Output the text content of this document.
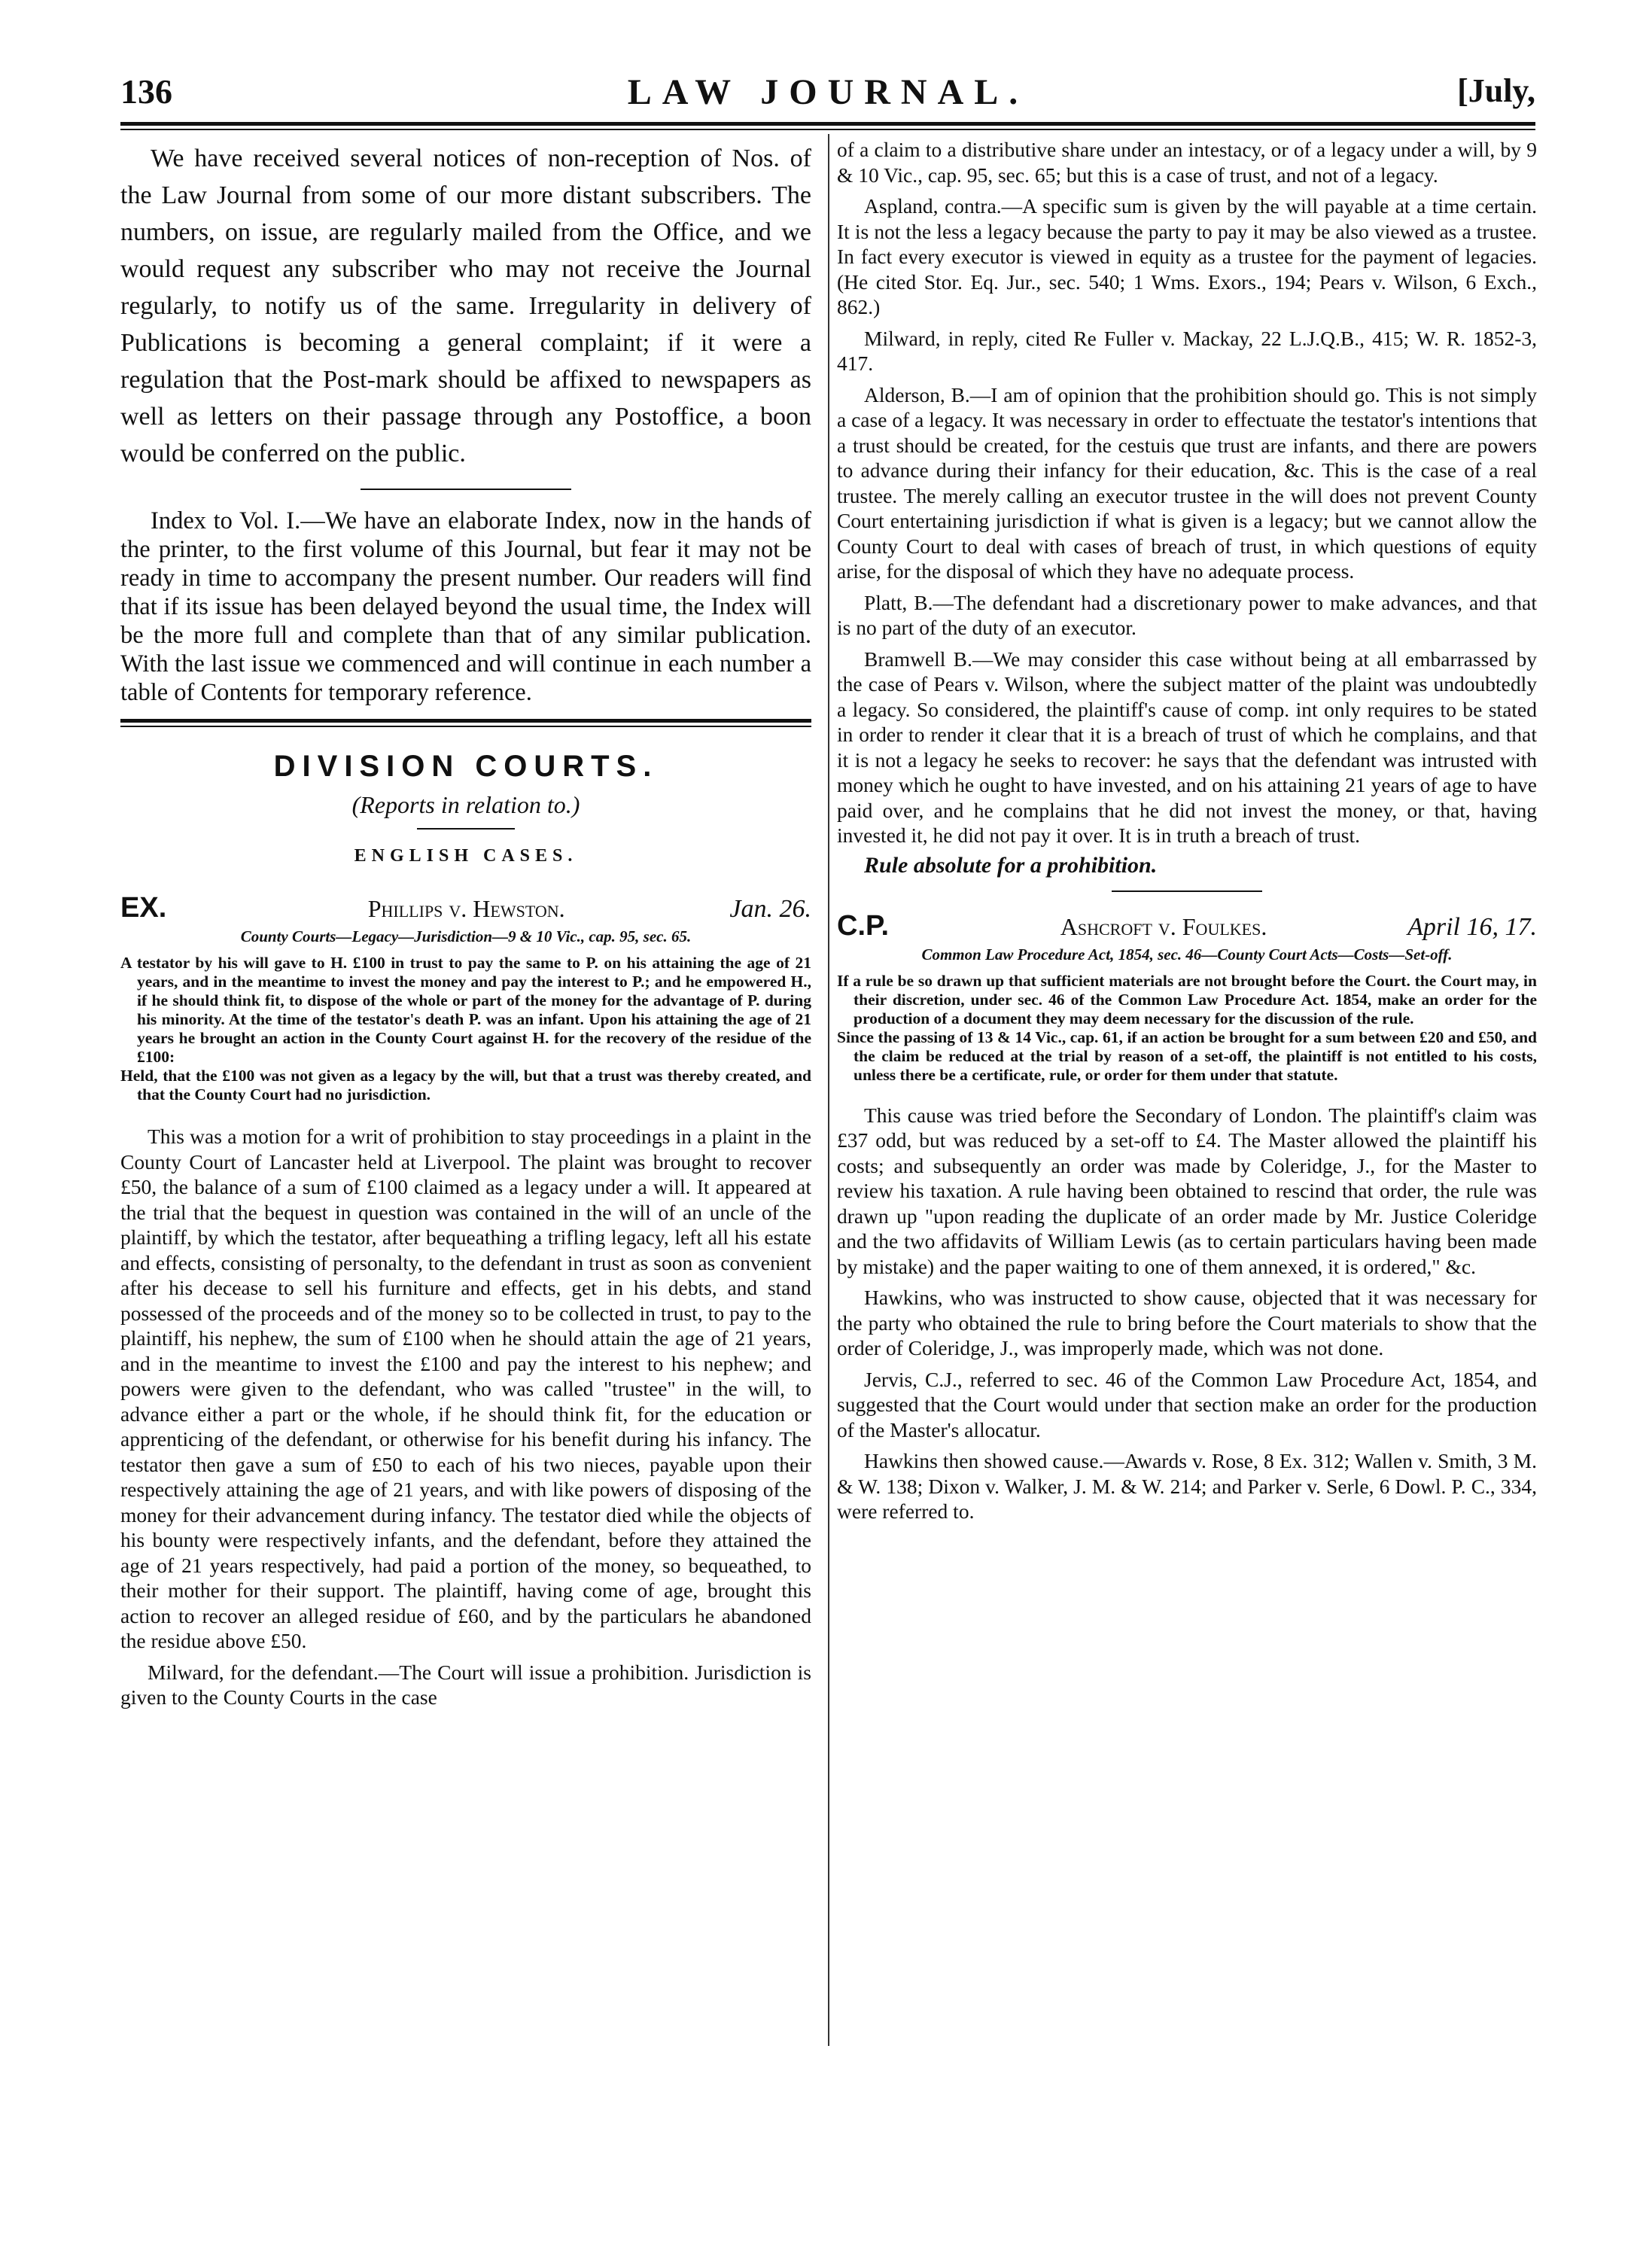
136	LAW JOURNAL.	[July,

We have received several notices of non-reception of Nos. of the Law Journal from some of our more distant subscribers. The numbers, on issue, are regularly mailed from the Office, and we would request any subscriber who may not receive the Journal regularly, to notify us of the same. Irregularity in delivery of Publications is becoming a general complaint; if it were a regulation that the Post-mark should be affixed to newspapers as well as letters on their passage through any Postoffice, a boon would be conferred on the public.

Index to Vol. I.—We have an elaborate Index, now in the hands of the printer, to the first volume of this Journal, but fear it may not be ready in time to accompany the present number. Our readers will find that if its issue has been delayed beyond the usual time, the Index will be the more full and complete than that of any similar publication. With the last issue we commenced and will continue in each number a table of Contents for temporary reference.

DIVISION COURTS.
(Reports in relation to.)
ENGLISH CASES.
EX.	Phillips v. Hewston.	Jan. 26.
County Courts—Legacy—Jurisdiction—9 & 10 Vic., cap. 95, sec. 65.

A testator by his will gave to H. £100 in trust to pay the same to P. on his attaining the age of 21 years, and in the meantime to invest the money and pay the interest to P.; and he empowered H., if he should think fit, to dispose of the whole or part of the money for the advantage of P. during his minority. At the time of the testator's death P. was an infant. Upon his attaining the age of 21 years he brought an action in the County Court against H. for the recovery of the residue of the £100:

Held, that the £100 was not given as a legacy by the will, but that a trust was thereby created, and that the County Court had no jurisdiction.

This was a motion for a writ of prohibition to stay proceedings in a plaint in the County Court of Lancaster held at Liverpool. The plaint was brought to recover £50, the balance of a sum of £100 claimed as a legacy under a will. It appeared at the trial that the bequest in question was contained in the will of an uncle of the plaintiff, by which the testator, after bequeathing a trifling legacy, left all his estate and effects, consisting of personalty, to the defendant in trust as soon as convenient after his decease to sell his furniture and effects, get in his debts, and stand possessed of the proceeds and of the money so to be collected in trust, to pay to the plaintiff, his nephew, the sum of £100 when he should attain the age of 21 years, and in the meantime to invest the £100 and pay the interest to his nephew; and powers were given to the defendant, who was called "trustee" in the will, to advance either a part or the whole, if he should think fit, for the education or apprenticing of the defendant, or otherwise for his benefit during his infancy. The testator then gave a sum of £50 to each of his two nieces, payable upon their respectively attaining the age of 21 years, and with like powers of disposing of the money for their advancement during infancy. The testator died while the objects of his bounty were respectively infants, and the defendant, before they attained the age of 21 years respectively, had paid a portion of the money, so bequeathed, to their mother for their support. The plaintiff, having come of age, brought this action to recover an alleged residue of £60, and by the particulars he abandoned the residue above £50.

Milward, for the defendant.—The Court will issue a prohibition. Jurisdiction is given to the County Courts in the case

of a claim to a distributive share under an intestacy, or of a legacy under a will, by 9 & 10 Vic., cap. 95, sec. 65; but this is a case of trust, and not of a legacy.

Aspland, contra.—A specific sum is given by the will payable at a time certain. It is not the less a legacy because the party to pay it may be also viewed as a trustee. In fact every executor is viewed in equity as a trustee for the payment of legacies. (He cited Stor. Eq. Jur., sec. 540; 1 Wms. Exors., 194; Pears v. Wilson, 6 Exch., 862.)

Milward, in reply, cited Re Fuller v. Mackay, 22 L.J.Q.B., 415; W. R. 1852-3, 417.

Alderson, B.—I am of opinion that the prohibition should go. This is not simply a case of a legacy. It was necessary in order to effectuate the testator's intentions that a trust should be created, for the cestuis que trust are infants, and there are powers to advance during their infancy for their education, &c. This is the case of a real trustee. The merely calling an executor trustee in the will does not prevent County Court entertaining jurisdiction if what is given is a legacy; but we cannot allow the County Court to deal with cases of breach of trust, in which questions of equity arise, for the disposal of which they have no adequate process.

Platt, B.—The defendant had a discretionary power to make advances, and that is no part of the duty of an executor.

Bramwell B.—We may consider this case without being at all embarrassed by the case of Pears v. Wilson, where the subject matter of the plaint was undoubtedly a legacy. So considered, the plaintiff's cause of comp. int only requires to be stated in order to render it clear that it is a breach of trust of which he complains, and that it is not a legacy he seeks to recover: he says that the defendant was intrusted with money which he ought to have invested, and on his attaining 21 years of age to have paid over, and he complains that he did not invest the money, or that, having invested it, he did not pay it over. It is in truth a breach of trust.

Rule absolute for a prohibition.

C.P.	Ashcroft v. Foulkes.	April 16, 17.
Common Law Procedure Act, 1854, sec. 46—County Court Acts—Costs—Set-off.

If a rule be so drawn up that sufficient materials are not brought before the Court. the Court may, in their discretion, under sec. 46 of the Common Law Procedure Act. 1854, make an order for the production of a document they may deem necessary for the discussion of the rule.

Since the passing of 13 & 14 Vic., cap. 61, if an action be brought for a sum between £20 and £50, and the claim be reduced at the trial by reason of a set-off, the plaintiff is not entitled to his costs, unless there be a certificate, rule, or order for them under that statute.

This cause was tried before the Secondary of London. The plaintiff's claim was £37 odd, but was reduced by a set-off to £4. The Master allowed the plaintiff his costs; and subsequently an order was made by Coleridge, J., for the Master to review his taxation. A rule having been obtained to rescind that order, the rule was drawn up "upon reading the duplicate of an order made by Mr. Justice Coleridge and the two affidavits of William Lewis (as to certain particulars having been made by mistake) and the paper waiting to one of them annexed, it is ordered," &c.

Hawkins, who was instructed to show cause, objected that it was necessary for the party who obtained the rule to bring before the Court materials to show that the order of Coleridge, J., was improperly made, which was not done.

Jervis, C.J., referred to sec. 46 of the Common Law Procedure Act, 1854, and suggested that the Court would under that section make an order for the production of the Master's allocatur.

Hawkins then showed cause.—Awards v. Rose, 8 Ex. 312; Wallen v. Smith, 3 M. & W. 138; Dixon v. Walker, J. M. & W. 214; and Parker v. Serle, 6 Dowl. P. C., 334, were referred to.
